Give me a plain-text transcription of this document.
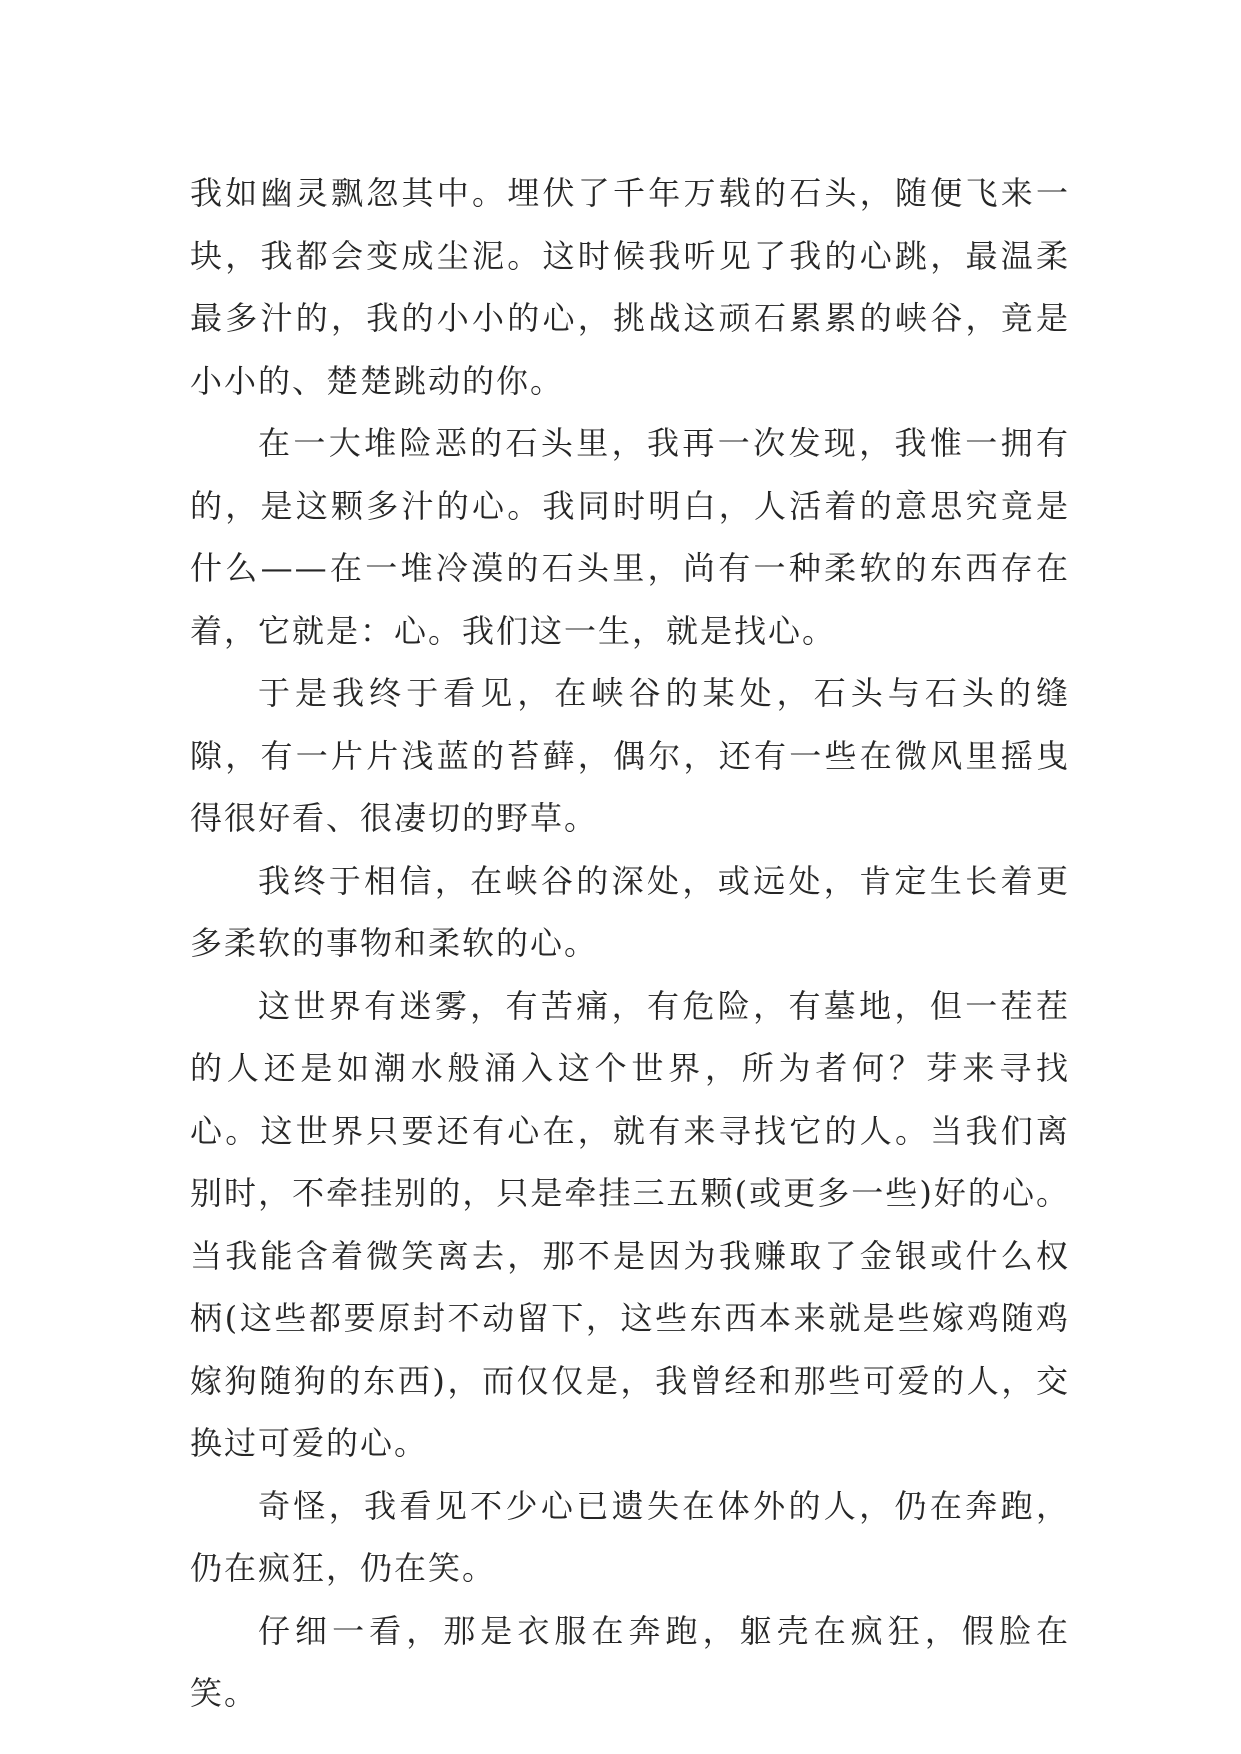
我如幽灵飘忽其中。埋伏了千年万载的石头，随便飞来一块，我都会变成尘泥。这时候我听见了我的心跳，最温柔最多汁的，我的小小的心，挑战这顽石累累的峡谷，竟是小小的、楚楚跳动的你。

在一大堆险恶的石头里，我再一次发现，我惟一拥有的，是这颗多汁的心。我同时明白，人活着的意思究竟是什么——在一堆冷漠的石头里，尚有一种柔软的东西存在着，它就是：心。我们这一生，就是找心。

于是我终于看见，在峡谷的某处，石头与石头的缝隙，有一片片浅蓝的苔藓，偶尔，还有一些在微风里摇曳得很好看、很凄切的野草。

我终于相信，在峡谷的深处，或远处，肯定生长着更多柔软的事物和柔软的心。

这世界有迷雾，有苦痛，有危险，有墓地，但一茬茬的人还是如潮水般涌入这个世界，所为者何？芽来寻找心。这世界只要还有心在，就有来寻找它的人。当我们离别时，不牵挂别的，只是牵挂三五颗(或更多一些)好的心。当我能含着微笑离去，那不是因为我赚取了金银或什么权柄(这些都要原封不动留下，这些东西本来就是些嫁鸡随鸡嫁狗随狗的东西)，而仅仅是，我曾经和那些可爱的人，交换过可爱的心。

奇怪，我看见不少心已遗失在体外的人，仍在奔跑，仍在疯狂，仍在笑。

仔细一看，那是衣服在奔跑，躯壳在疯狂，假脸在笑。
